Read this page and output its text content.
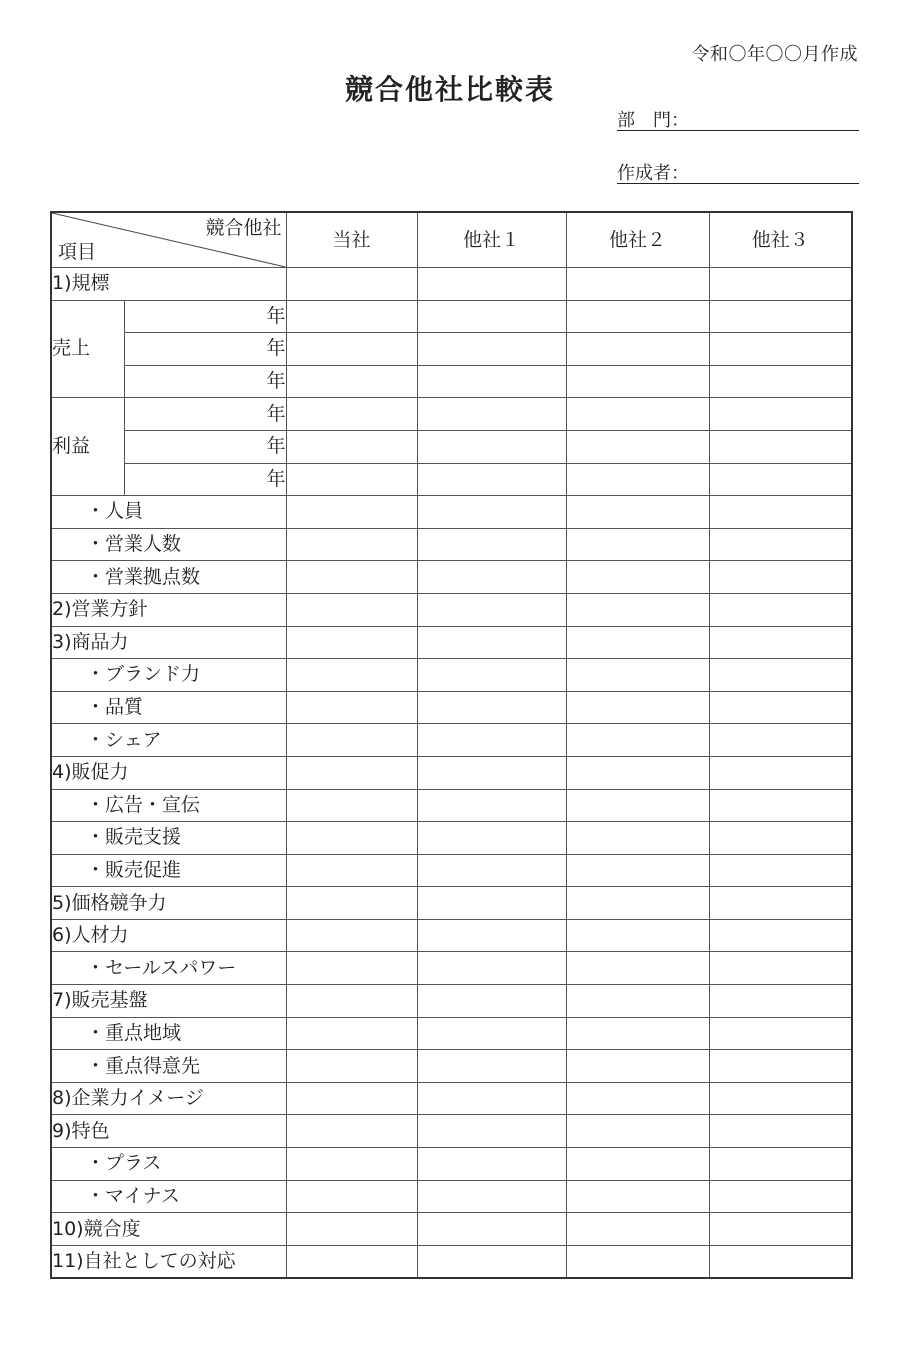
令和〇年〇〇月作成
競合他社比較表
部　門：
作成者：
競合他社
項目		当社	他社１	他社２	他社３
1)規標					
売上	年				
	年				
	年				
利益	年				
	年				
	年				
・人員					
・営業人数					
・営業拠点数					
2)営業方針					
3)商品力					
・ブランド力					
・品質					
・シェア					
4)販促力					
・広告・宣伝					
・販売支援					
・販売促進					
5)価格競争力					
6)人材力					
・セールスパワー					
7)販売基盤					
・重点地域					
・重点得意先					
8)企業力イメージ					
9)特色					
・プラス					
・マイナス					
10)競合度					
11)自社としての対応					
